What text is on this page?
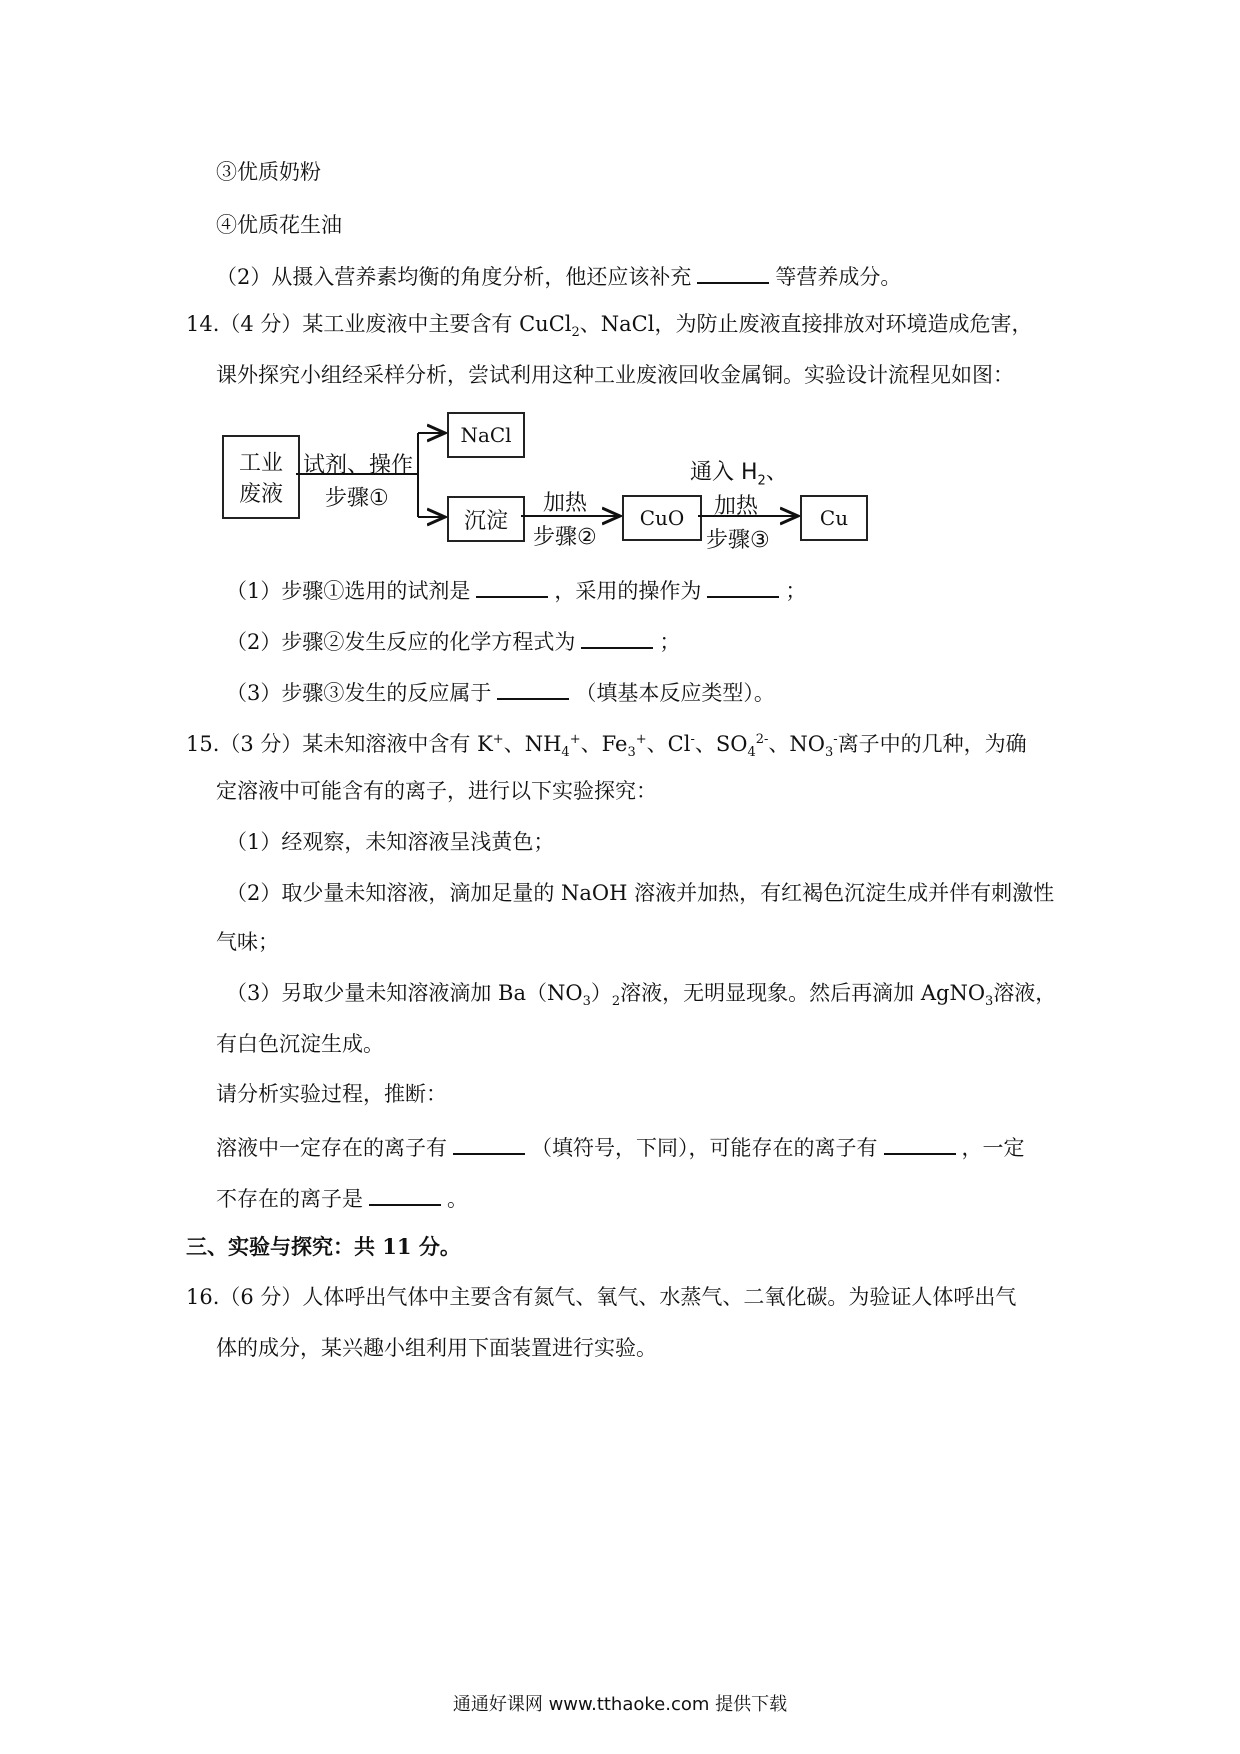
③优质奶粉
④优质花生油
（2）从摄入营养素均衡的角度分析，他还应该补充	等营养成分。
14.（4 分）某工业废液中主要含有 CuCl$_2$、NaCl，为防止废液直接排放对环境造成危害，
课外探究小组经采样分析，尝试利用这种工业废液回收金属铜。实验设计流程见如图：
工业
废液
试剂、操作
步骤①
NaCl
沉淀
加热
步骤②
CuO
通入 $H_2$、
加热
步骤③
Cu
（1）步骤①选用的试剂是	，采用的操作为	；
（2）步骤②发生反应的化学方程式为	；
（3）步骤③发生的反应属于	（填基本反应类型）。
15.（3 分）某未知溶液中含有 K+、$NH_4^+$、$Fe_3^+$、Cl-、$SO_4^{2-}$、$NO_3^-$离子中的几种，为确
定溶液中可能含有的离子，进行以下实验探究：
（1）经观察，未知溶液呈浅黄色；
（2）取少量未知溶液，滴加足量的 NaOH 溶液并加热，有红褐色沉淀生成并伴有刺激性
气味；
（3）另取少量未知溶液滴加 $Ba(NO_3)_2$溶液，无明显现象。然后再滴加 AgNO$_3$溶液，
有白色沉淀生成。
请分析实验过程，推断：
溶液中一定存在的离子有	（填符号，下同），可能存在的离子有	，一定
不存在的离子是	。
三、实验与探究：共 11 分。
16.（6 分）人体呼出气体中主要含有氮气、氧气、水蒸气、二氧化碳。为验证人体呼出气
体的成分，某兴趣小组利用下面装置进行实验。
通通好课网 www.tthaoke.com 提供下载
